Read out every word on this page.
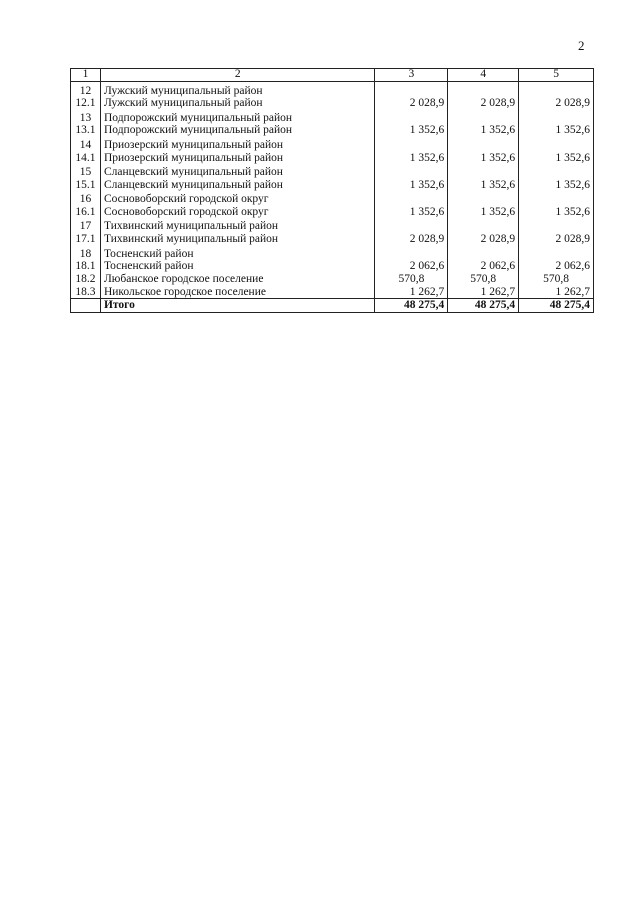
2
1	2	3	4	5
12	Лужский муниципальный район			
12.1	Лужский муниципальный район	2 028,9	2 028,9	2 028,9
13	Подпорожский муниципальный район			
13.1	Подпорожский муниципальный район	1 352,6	1 352,6	1 352,6
14	Приозерский муниципальный район			
14.1	Приозерский муниципальный район	1 352,6	1 352,6	1 352,6
15	Сланцевский муниципальный район			
15.1	Сланцевский муниципальный район	1 352,6	1 352,6	1 352,6
16	Сосновоборский городской округ			
16.1	Сосновоборский городской округ	1 352,6	1 352,6	1 352,6
17	Тихвинский муниципальный район			
17.1	Тихвинский муниципальный район	2 028,9	2 028,9	2 028,9
18	Тосненский район			
18.1	Тосненский район	2 062,6	2 062,6	2 062,6
18.2	Любанское городское поселение	570,8	570,8	570,8
18.3	Никольское городское поселение	1 262,7	1 262,7	1 262,7
	Итого	48 275,4	48 275,4	48 275,4
